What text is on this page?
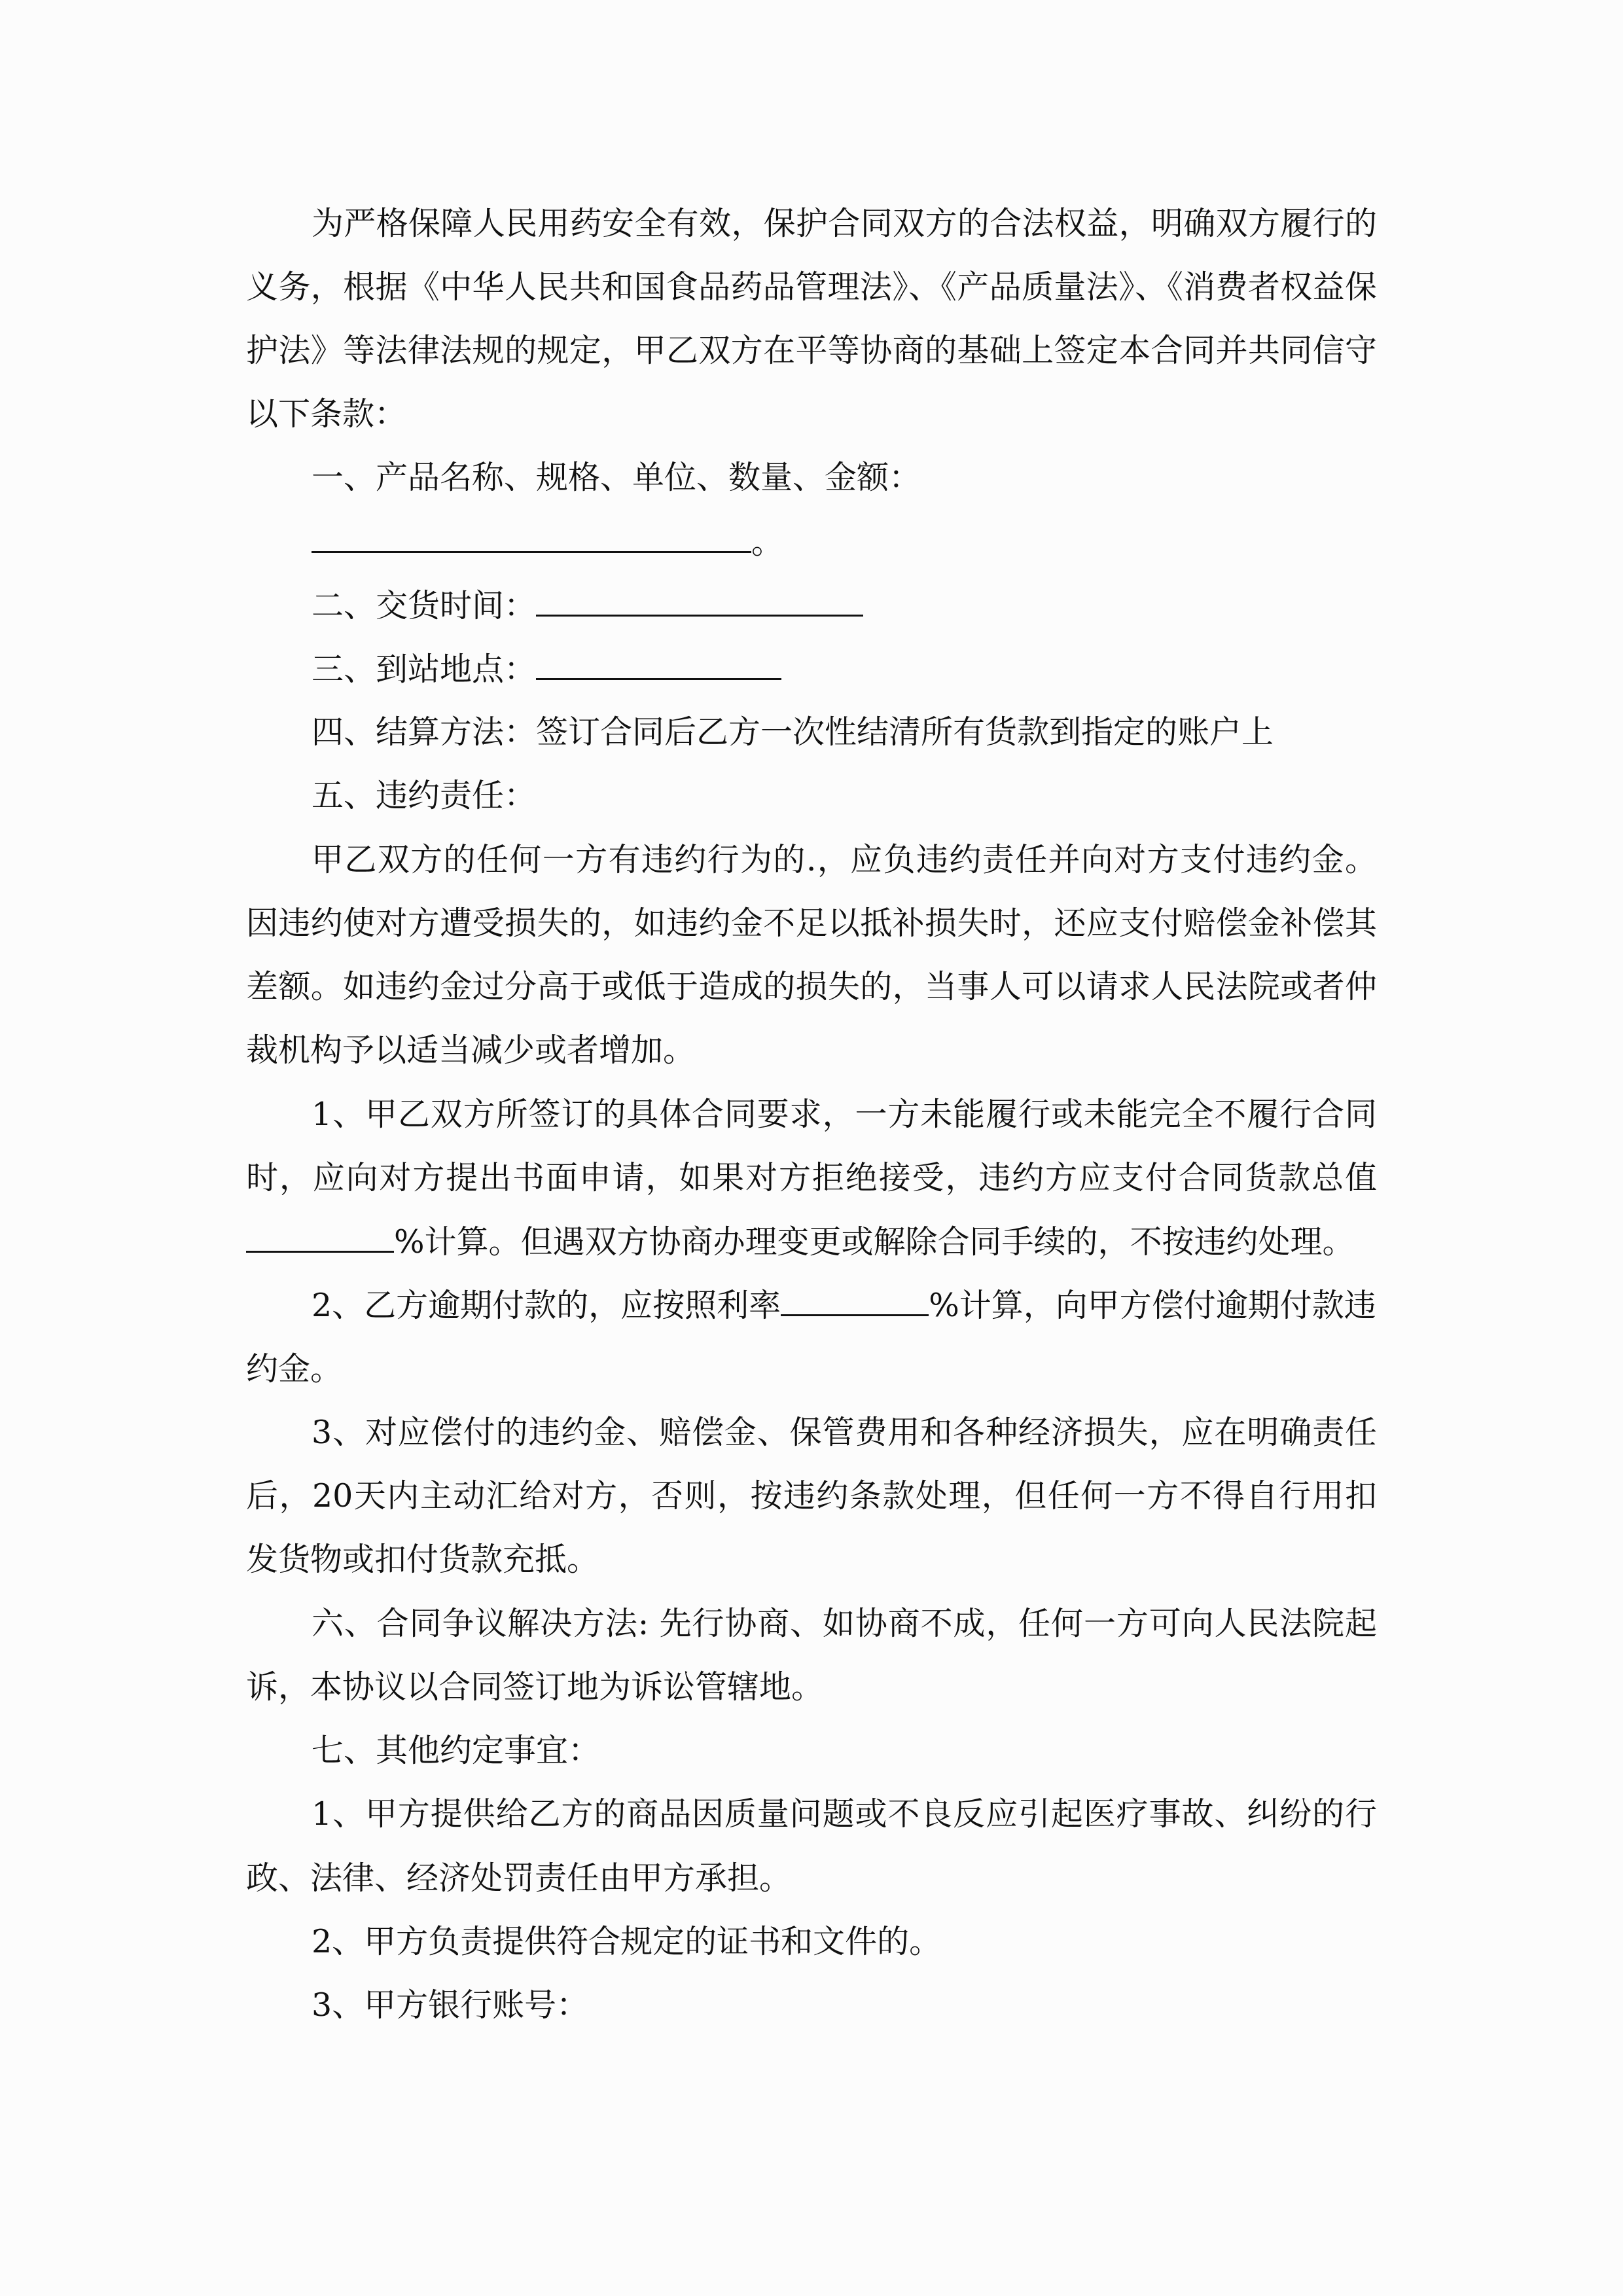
为严格保障人民用药安全有效，保护合同双方的合法权益，明确双方履行的
义务，根据《中华人民共和国食品药品管理法》、《产品质量法》、《消费者权益保
护法》等法律法规的规定，甲乙双方在平等协商的基础上签定本合同并共同信守
以下条款：
一、产品名称、规格、单位、数量、金额：
。
二、交货时间：
三、到站地点：
四、结算方法：签订合同后乙方一次性结清所有货款到指定的账户上
五、违约责任：
甲乙双方的任何一方有违约行为的.，应负违约责任并向对方支付违约金。
因违约使对方遭受损失的，如违约金不足以抵补损失时，还应支付赔偿金补偿其
差额。如违约金过分高于或低于造成的损失的，当事人可以请求人民法院或者仲
裁机构予以适当减少或者增加。
1、甲乙双方所签订的具体合同要求，一方未能履行或未能完全不履行合同
时，应向对方提出书面申请，如果对方拒绝接受，违约方应支付合同货款总值
%计算。但遇双方协商办理变更或解除合同手续的，不按违约处理。
2、乙方逾期付款的，应按照利率	%计算，向甲方偿付逾期付款违
约金。
3、对应偿付的违约金、赔偿金、保管费用和各种经济损失，应在明确责任
后，20天内主动汇给对方，否则，按违约条款处理，但任何一方不得自行用扣
发货物或扣付货款充抵。
六、合同争议解决方法: 先行协商、如协商不成，任何一方可向人民法院起
诉，本协议以合同签订地为诉讼管辖地。
七、其他约定事宜：
1、甲方提供给乙方的商品因质量问题或不良反应引起医疗事故、纠纷的行
政、法律、经济处罚责任由甲方承担。
2、甲方负责提供符合规定的证书和文件的。
3、甲方银行账号：
